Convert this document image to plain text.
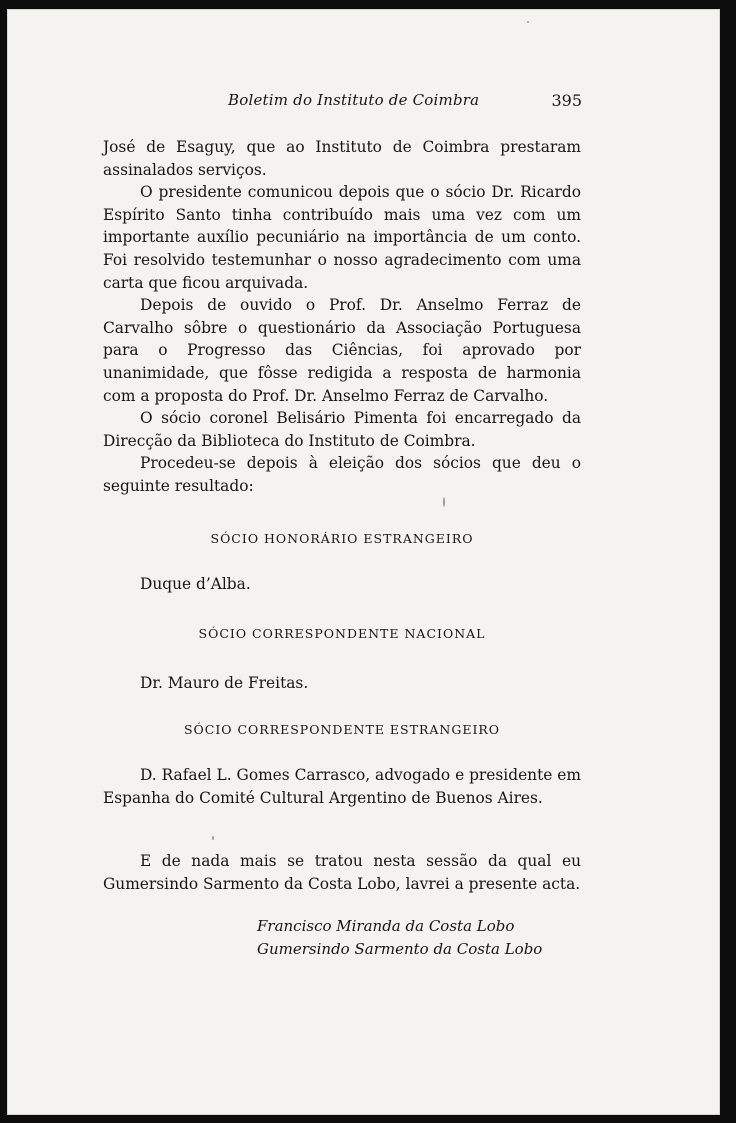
Boletim do Instituto de Coimbra	395

José de Esaguy, que ao Instituto de Coimbra prestaram assinalados serviços.

O presidente comunicou depois que o sócio Dr. Ricardo Espírito Santo tinha contribuído mais uma vez com um importante auxílio pecuniário na importância de um conto. Foi resolvido testemunhar o nosso agradecimento com uma carta que ficou arquivada.

Depois de ouvido o Prof. Dr. Anselmo Ferraz de Carvalho sôbre o questionário da Associação Portuguesa para o Progresso das Ciências, foi aprovado por unanimidade, que fôsse redigida a resposta de harmonia com a proposta do Prof. Dr. Anselmo Ferraz de Carvalho.

O sócio coronel Belisário Pimenta foi encarregado da Direcção da Biblioteca do Instituto de Coimbra.

Procedeu-se depois à eleição dos sócios que deu o seguinte resultado:

SÓCIO HONORÁRIO ESTRANGEIRO

Duque d’Alba.

SÓCIO CORRESPONDENTE NACIONAL

Dr. Mauro de Freitas.

SÓCIO CORRESPONDENTE ESTRANGEIRO

D. Rafael L. Gomes Carrasco, advogado e presidente em Espanha do Comité Cultural Argentino de Buenos Aires.

E de nada mais se tratou nesta sessão da qual eu Gumersindo Sarmento da Costa Lobo, lavrei a presente acta.

Francisco Miranda da Costa Lobo
Gumersindo Sarmento da Costa Lobo
